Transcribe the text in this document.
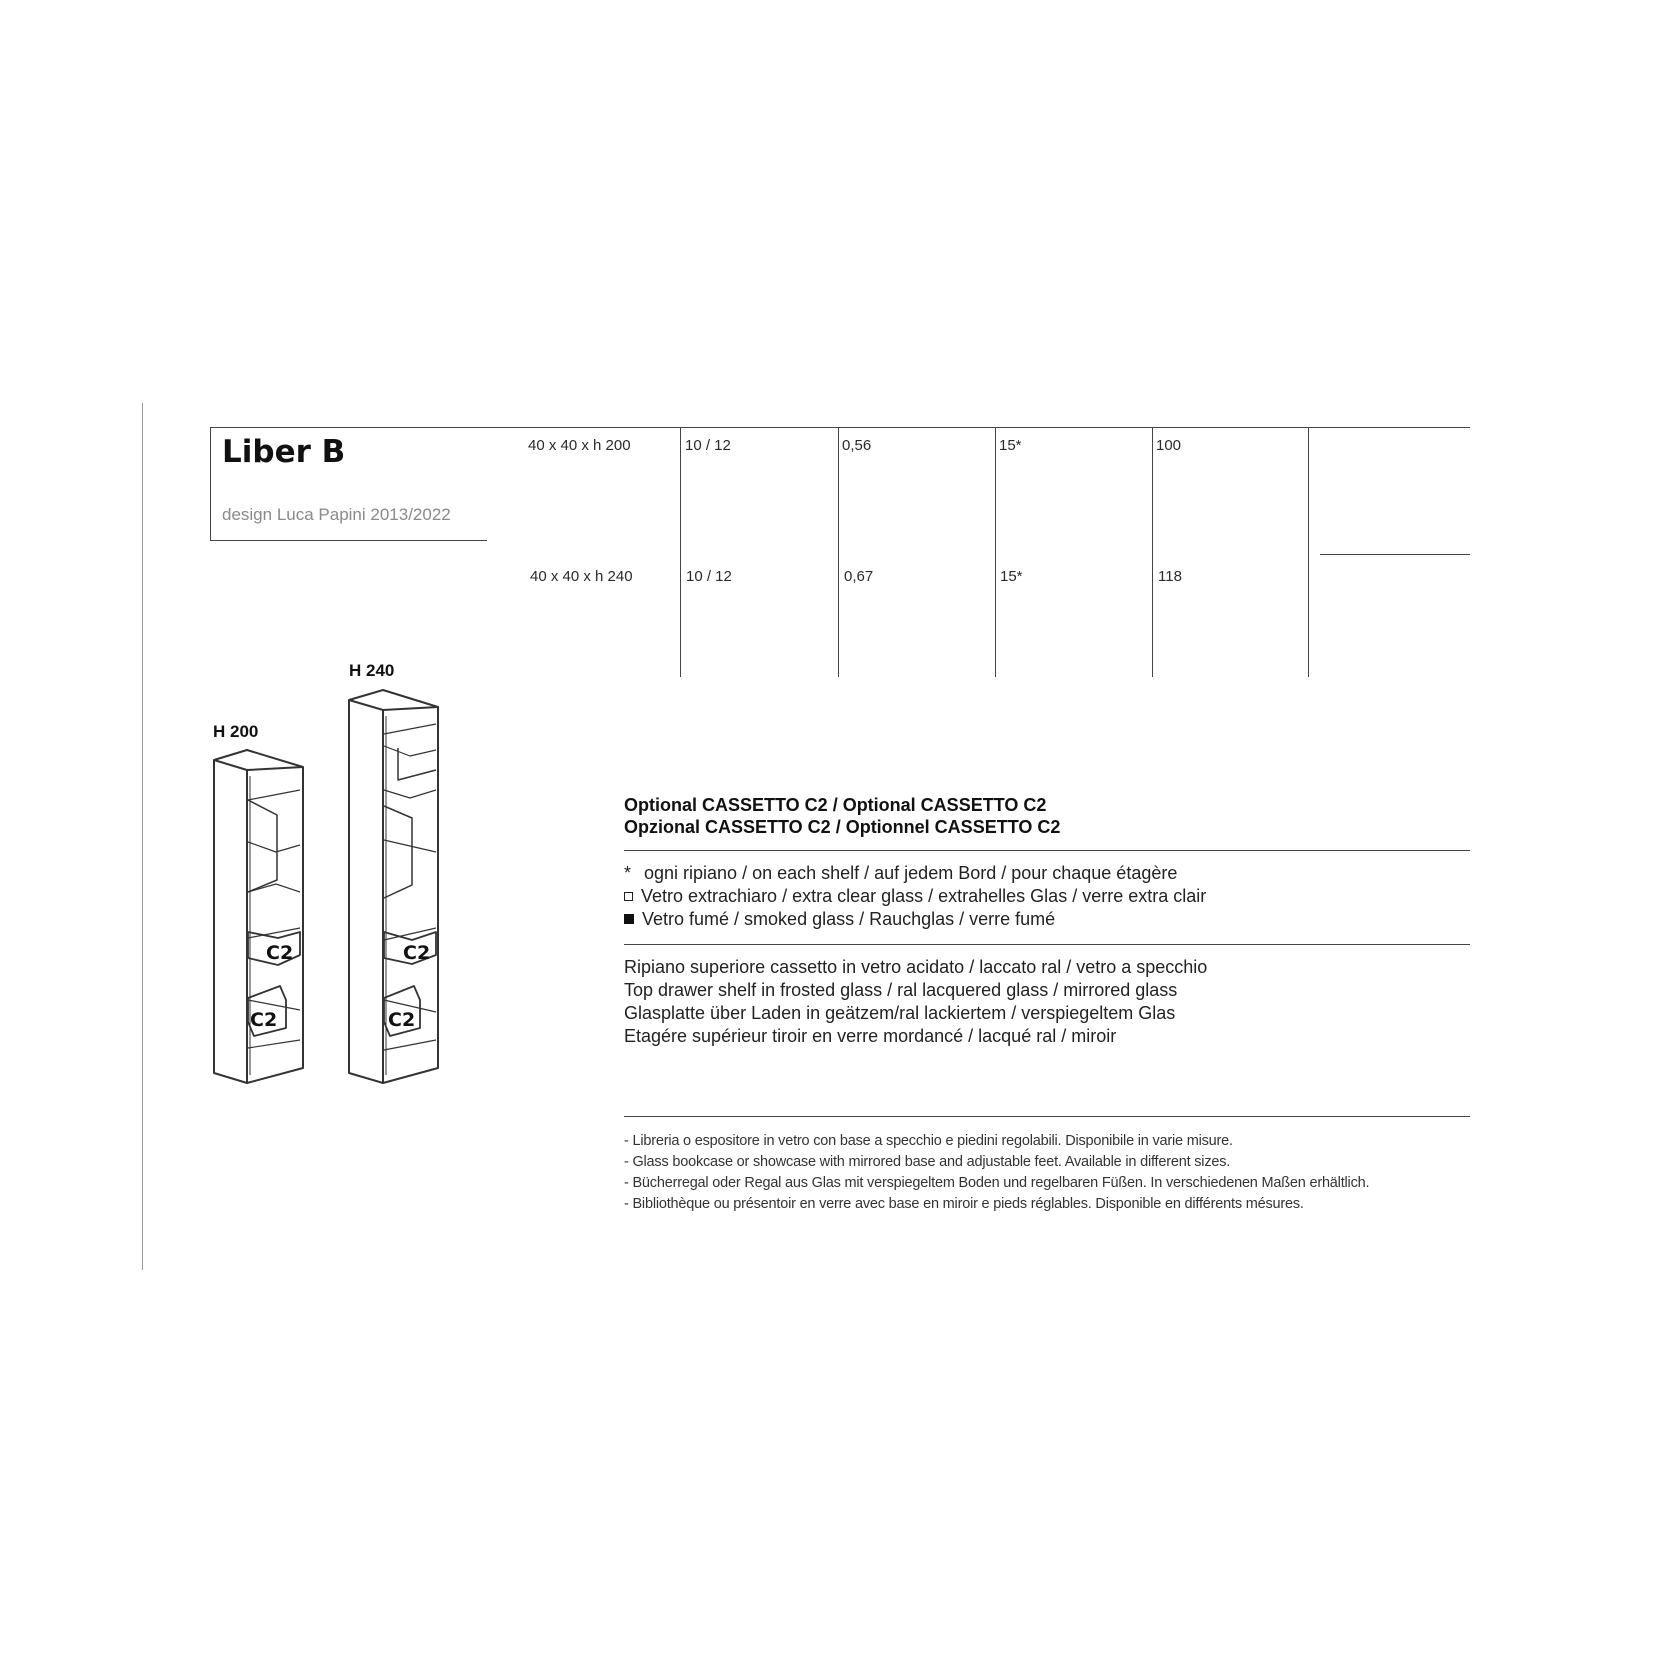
Liber B
design Luca Papini 2013/2022
40 x 40 x h 200	10 / 12	0,56	15*	100
40 x 40 x h 240	10 / 12	0,67	15*	118
H 240
H 200
C2
C2
C2
C2
Optional CASSETTO C2 / Optional CASSETTO C2
Opzional CASSETTO C2 / Optionnel CASSETTO C2
* ogni ripiano / on each shelf / auf jedem Bord / pour chaque étagère
Vetro extrachiaro / extra clear glass / extrahelles Glas / verre extra clair
Vetro fumé / smoked glass / Rauchglas / verre fumé
Ripiano superiore cassetto in vetro acidato / laccato ral / vetro a specchio
Top drawer shelf in frosted glass / ral lacquered glass / mirrored glass
Glasplatte über Laden in geätzem/ral lackiertem / verspiegeltem Glas
Etagére supérieur tiroir en verre mordancé / lacqué ral / miroir
- Libreria o espositore in vetro con base a specchio e piedini regolabili. Disponibile in varie misure.
- Glass bookcase or showcase with mirrored base and adjustable feet. Available in different sizes.
- Bücherregal oder Regal aus Glas mit verspiegeltem Boden und regelbaren Füßen. In verschiedenen Maßen erhältlich.
- Bibliothèque ou présentoir en verre avec base en miroir e pieds réglables. Disponible en différents mésures.
